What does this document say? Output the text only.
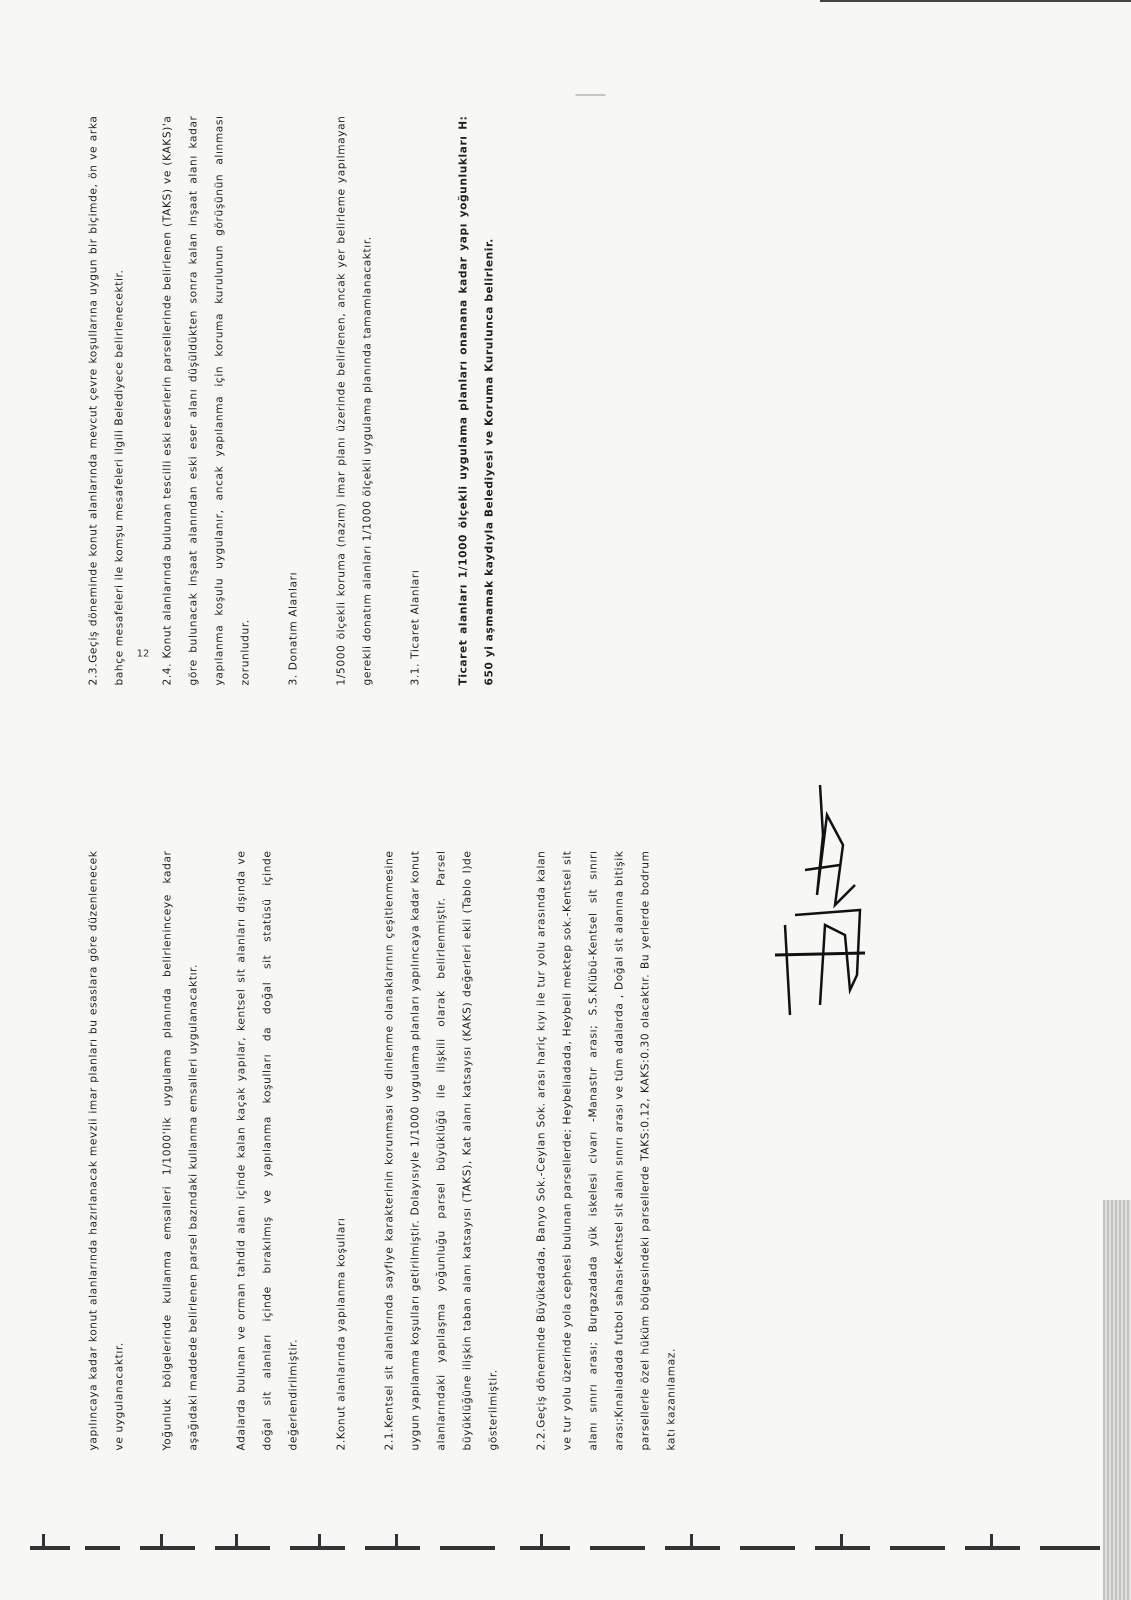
yapılıncaya kadar konut alanlarında hazırlanacak mevzii imar planları bu esaslara göre düzenlenecek ve uygulanacaktır.	Yoğunluk bölgelerinde kullanma emsalleri 1/1000'lik uygulama planında belirleninceye kadar aşağıdaki maddede belirlenen parsel bazındaki kullanma emsalleri uygulanacaktır.	Adalarda bulunan ve orman tahdid alanı içinde kalan kaçak yapılar, kentsel sit alanları dışında ve doğal sit alanları içinde bırakılmış ve yapılanma koşulları da doğal sit statüsü içinde değerlendirilmiştir.	2.Konut alanlarında yapılanma koşulları	2.1.Kentsel sit alanlarında sayfiye karakterinin korunması ve dinlenme olanaklarının çeşitlenmesine uygun yapılanma koşulları getirilmiştir. Dolayısıyle 1/1000 uygulama planları yapılıncaya kadar konut alanlarındaki yapılaşma yoğunluğu parsel büyüklüğü ile ilişkili olarak belirlenmiştir. Parsel büyüklüğüne ilişkin taban alanı katsayısı (TAKS), Kat alanı katsayısı (KAKS) değerleri ekli (Tablo I)de gösterilmiştir.	2.2.Geçiş döneminde Büyükadada, Banyo Sok.-Ceylan Sok. arası hariç kıyı ile tur yolu arasında kalan ve tur yolu üzerinde yola cephesi bulunan parsellerde; Heybeliadada, Heybeli mektep sok.-Kentsel sit alanı sınırı arası; Burgazadada yük iskelesi civarı -Manastır arası; S.S.Klübü-Kentsel sit sınırı arası;Kınalıadada futbol sahası-Kentsel sit alanı sınırı arası ve tüm adalarda , Doğal sit alanına bitişik parsellerle özel hüküm bölgesindeki parsellerde TAKS:0.12, KAKS:0.30 olacaktır. Bu yerlerde bodrum katı kazanılamaz.

2.3.Geçiş döneminde konut alanlarında mevcut çevre koşullarına uygun bir biçimde, ön ve arka bahçe mesafeleri ile komşu mesafeleri ilgili Belediyece belirlenecektir.	2.4. Konut alanlarında bulunan tescilli eski eserlerin parsellerinde belirlenen (TAKS) ve (KAKS)'a göre bulunacak inşaat alanından eski eser alanı düşüldükten sonra kalan inşaat alanı kadar yapılanma koşulu uygulanır, ancak yapılanma için koruma kurulunun görüşünün alınması zorunludur.	3. Donatım Alanları	1/5000 ölçekli koruma (nazım) imar planı üzerinde belirlenen, ancak yer belirleme yapılmayan gerekli donatım alanları 1/1000 ölçekli uygulama planında tamamlanacaktır.	3.1. Ticaret Alanları	Ticaret alanları 1/1000 ölçekli uygulama planları onanana kadar yapı yoğunlukları H: 650 yi aşmamak kaydıyla Belediyesi ve Koruma Kurulunca belirlenir.

12
